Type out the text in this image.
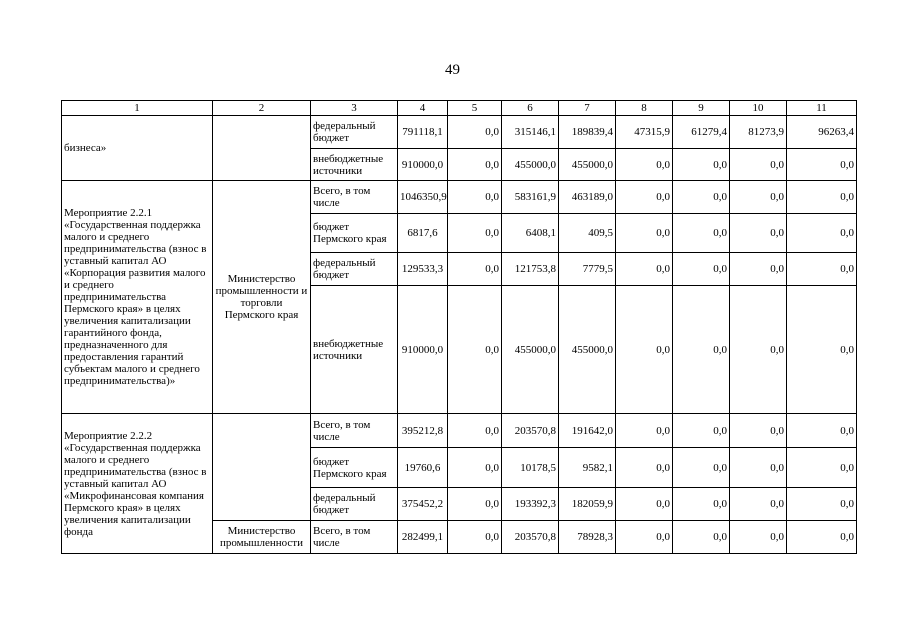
49
1	2	3	4	5	6	7	8	9	10	11
бизнеса»		федеральный бюджет	791118,1	0,0	315146,1	189839,4	47315,9	61279,4	81273,9	96263,4
		внебюджетные источники	910000,0	0,0	455000,0	455000,0	0,0	0,0	0,0	0,0
Мероприятие 2.2.1 «Государственная поддержка малого и среднего предпринимательства (взнос в уставный капитал АО «Корпорация развития малого и среднего предпринимательства Пермского края» в целях увеличения капитализации гарантийного фонда, предназначенного для предоставления гарантий субъектам малого и среднего предпринимательства)»	Министерство промышленности и торговли Пермского края	Всего, в том числе	1046350,9	0,0	583161,9	463189,0	0,0	0,0	0,0	0,0
		бюджет Пермского края	6817,6	0,0	6408,1	409,5	0,0	0,0	0,0	0,0
		федеральный бюджет	129533,3	0,0	121753,8	7779,5	0,0	0,0	0,0	0,0
		внебюджетные источники	910000,0	0,0	455000,0	455000,0	0,0	0,0	0,0	0,0
Мероприятие 2.2.2 «Государственная поддержка малого и среднего предпринимательства (взнос в уставный капитал АО «Микрофинансовая компания Пермского края» в целях увеличения капитализации фонда		Всего, в том числе	395212,8	0,0	203570,8	191642,0	0,0	0,0	0,0	0,0
		бюджет Пермского края	19760,6	0,0	10178,5	9582,1	0,0	0,0	0,0	0,0
		федеральный бюджет	375452,2	0,0	193392,3	182059,9	0,0	0,0	0,0	0,0
	Министерство промышленности	Всего, в том числе	282499,1	0,0	203570,8	78928,3	0,0	0,0	0,0	0,0
